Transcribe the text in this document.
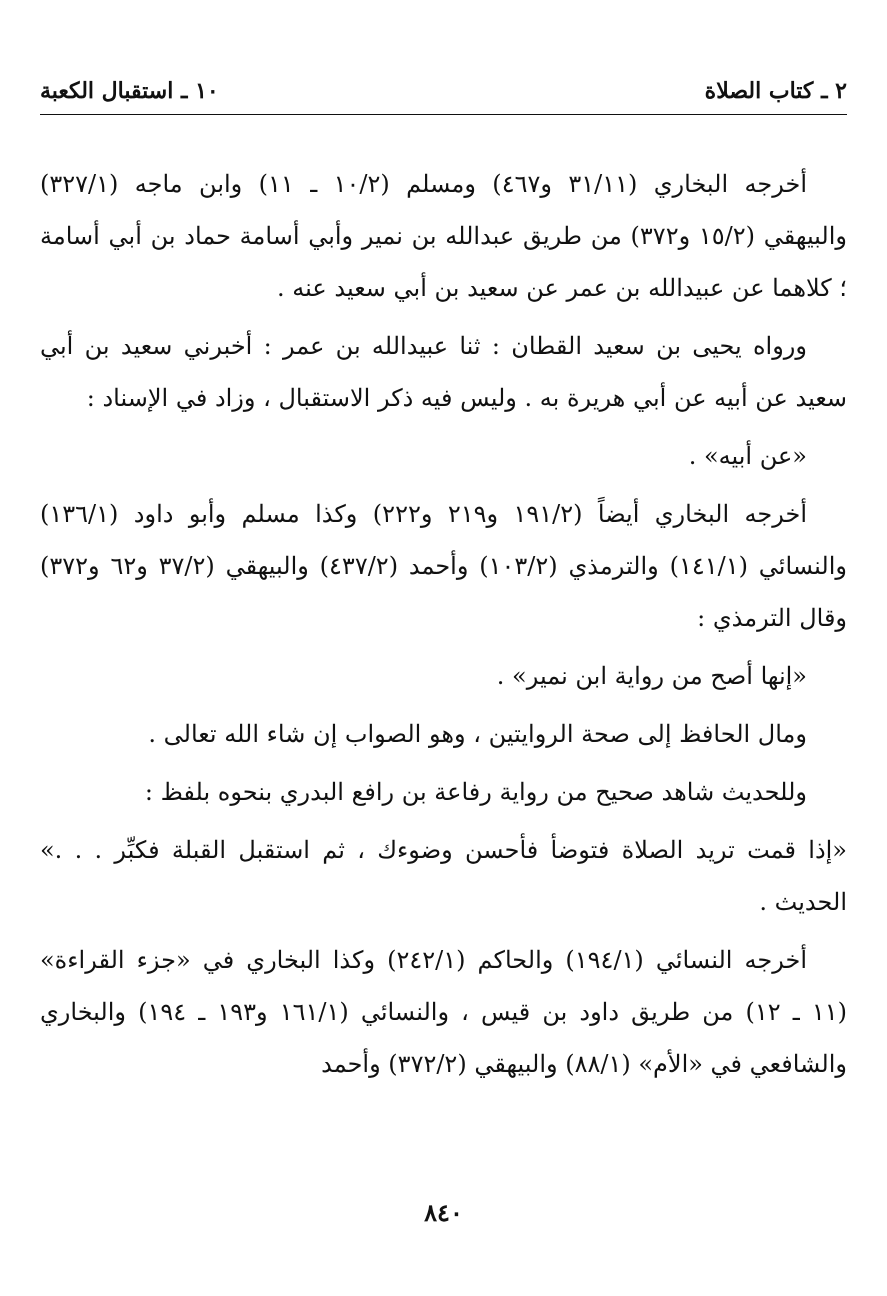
٢ ـ كتاب الصلاة
١٠ ـ استقبال الكعبة

أخرجه البخاري (٣١/١١ و٤٦٧) ومسلم (١٠/٢ ـ ١١) وابن ماجه (٣٢٧/١) والبيهقي (١٥/٢ و٣٧٢) من طريق عبدالله بن نمير وأبي أسامة حماد بن أبي أسامة ؛ كلاهما عن عبيدالله بن عمر عن سعيد بن أبي سعيد عنه .

ورواه يحيى بن سعيد القطان : ثنا عبيدالله بن عمر : أخبرني سعيد بن أبي سعيد عن أبيه عن أبي هريرة به . وليس فيه ذكر الاستقبال ، وزاد في الإسناد :

«عن أبيه» .

أخرجه البخاري أيضاً (١٩١/٢ و٢١٩ و٢٢٢) وكذا مسلم وأبو داود (١٣٦/١) والنسائي (١٤١/١) والترمذي (١٠٣/٢) وأحمد (٤٣٧/٢) والبيهقي (٣٧/٢ و٦٢ و٣٧٢) وقال الترمذي :

«إنها أصح من رواية ابن نمير» .

ومال الحافظ إلى صحة الروايتين ، وهو الصواب إن شاء الله تعالى .

وللحديث شاهد صحيح من رواية رفاعة بن رافع البدري بنحوه بلفظ :

«إذا قمت تريد الصلاة فتوضأ فأحسن وضوءك ، ثم استقبل القبلة فكبِّر . . .» الحديث .

أخرجه النسائي (١٩٤/١) والحاكم (٢٤٢/١) وكذا البخاري في «جزء القراءة» (١١ ـ ١٢) من طريق داود بن قيس ، والنسائي (١٦١/١ و١٩٣ ـ ١٩٤) والبخاري والشافعي في «الأم» (٨٨/١) والبيهقي (٣٧٢/٢) وأحمد

٨٤٠
